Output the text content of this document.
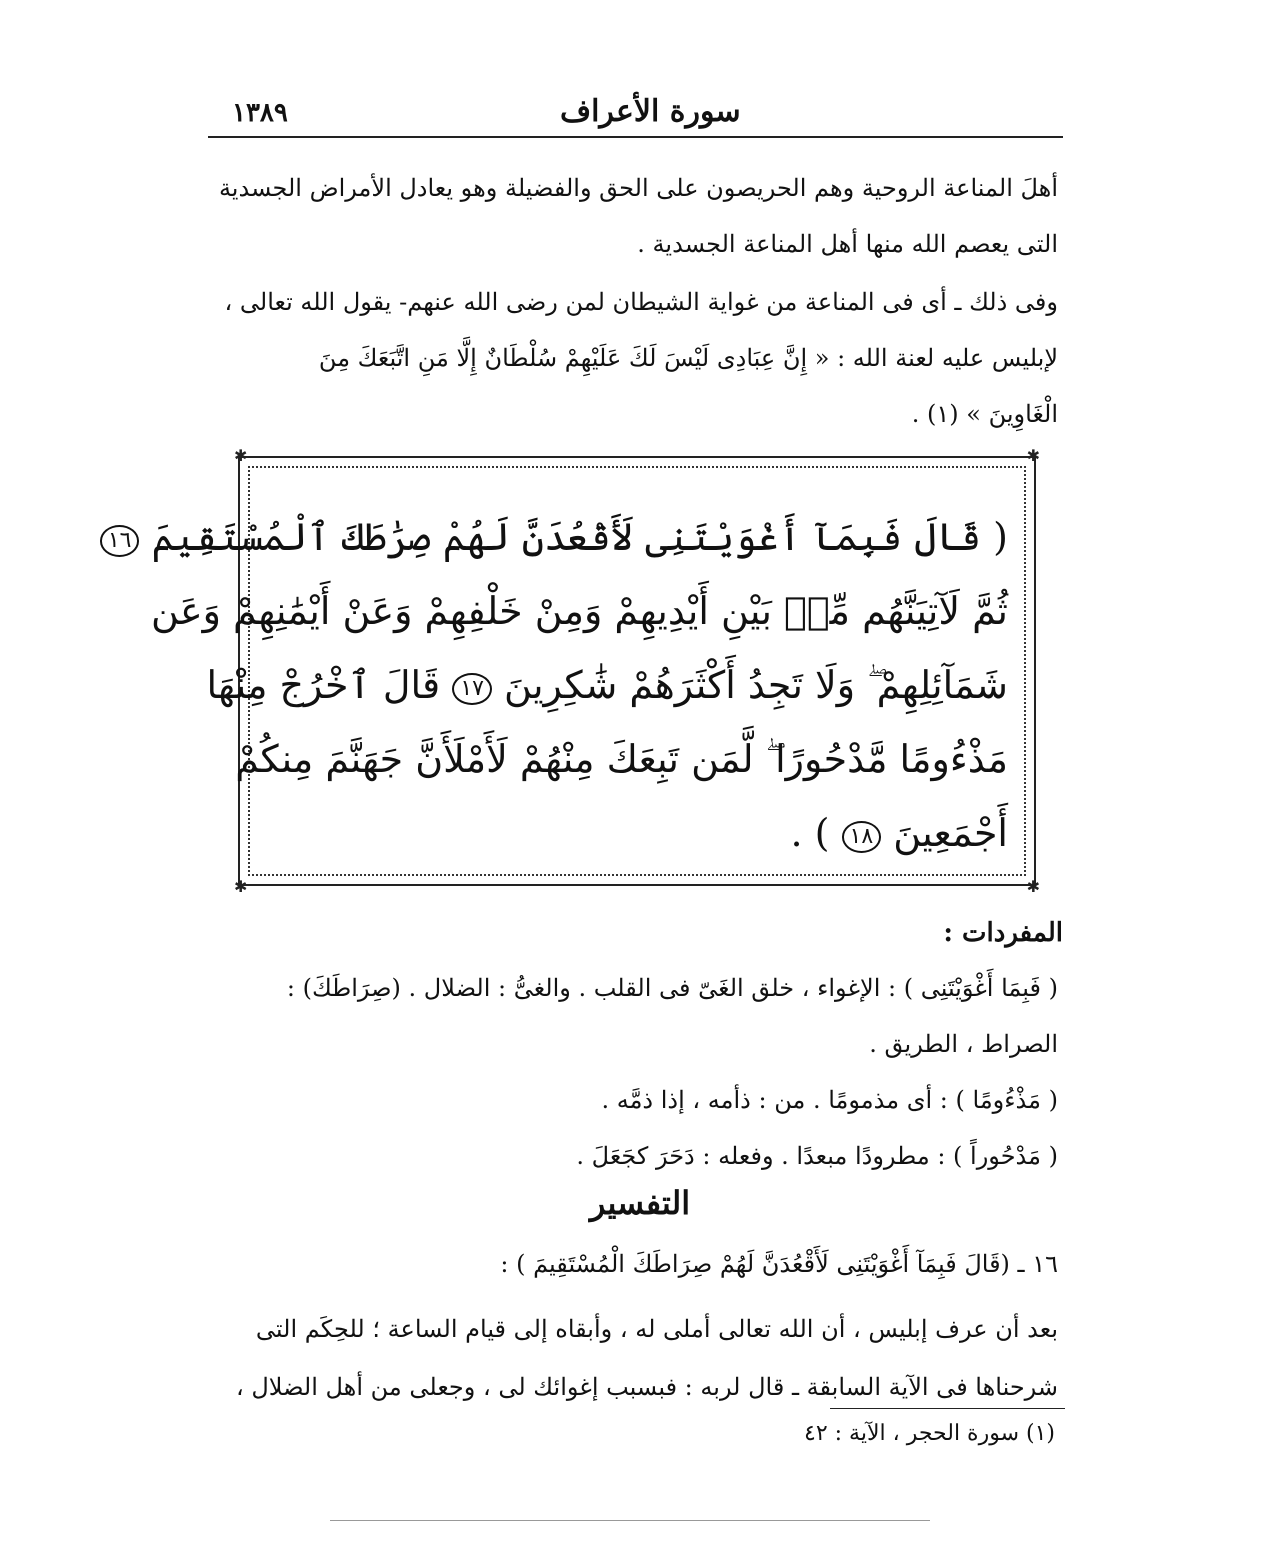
١٣٨٩	سورة الأعراف
أهلَ المناعة الروحية وهم الحريصون على الحق والفضيلة وهو يعادل الأمراض الجسدية
التى يعصم الله منها أهل المناعة الجسدية .
وفى ذلك ـ أى فى المناعة من غواية الشيطان لمن رضى الله عنهم- يقول الله تعالى ،
لإبليس عليه لعنة الله : « إِنَّ عِبَادِى لَيْسَ لَكَ عَلَيْهِمْ سُلْطَانٌ إِلَّا مَنِ اتَّبَعَكَ مِنَ
الْغَاوِينَ » (١) .
✱	✱
✱	✱
( قَالَ فَبِمَآ أَغْوَيْتَنِى لَأَقْعُدَنَّ لَهُمْ صِرَٰطَكَ ٱلْمُسْتَقِيمَ ١٦
ثُمَّ لَآتِيَنَّهُم مِّنۢ بَيْنِ أَيْدِيهِمْ وَمِنْ خَلْفِهِمْ وَعَنْ أَيْمَٰنِهِمْ وَعَن
شَمَآئِلِهِمْ ۖ وَلَا تَجِدُ أَكْثَرَهُمْ شَٰكِرِينَ ١٧ قَالَ ٱخْرُجْ مِنْهَا
مَذْءُومًا مَّدْحُورًا ۖ لَّمَن تَبِعَكَ مِنْهُمْ لَأَمْلَأَنَّ جَهَنَّمَ مِنكُمْ
أَجْمَعِينَ ١٨ ) .
المفردات :
( فَبِمَا أَغْوَيْتَنِى ) : الإغواء ، خلق الغَىّ فى القلب . والغىُّ : الضلال . (صِرَاطَكَ) :
الصراط ، الطريق .
( مَذْءُومًا ) : أى مذمومًا . من : ذأمه ، إذا ذمَّه .
( مَدْحُوراً ) : مطرودًا مبعدًا . وفعله : دَحَرَ كجَعَلَ .
التفسير
١٦ ـ (قَالَ فَبِمَآ أَغْوَيْتَنِى لَأَقْعُدَنَّ لَهُمْ صِرَاطَكَ الْمُسْتَقِيمَ ) :
بعد أن عرف إبليس ، أن الله تعالى أملى له ، وأبقاه إلى قيام الساعة ؛ للحِكَم التى
شرحناها فى الآية السابقة ـ قال لربه : فبسبب إغوائك لى ، وجعلى من أهل الضلال ،
(١) سورة الحجر ، الآية : ٤٢
